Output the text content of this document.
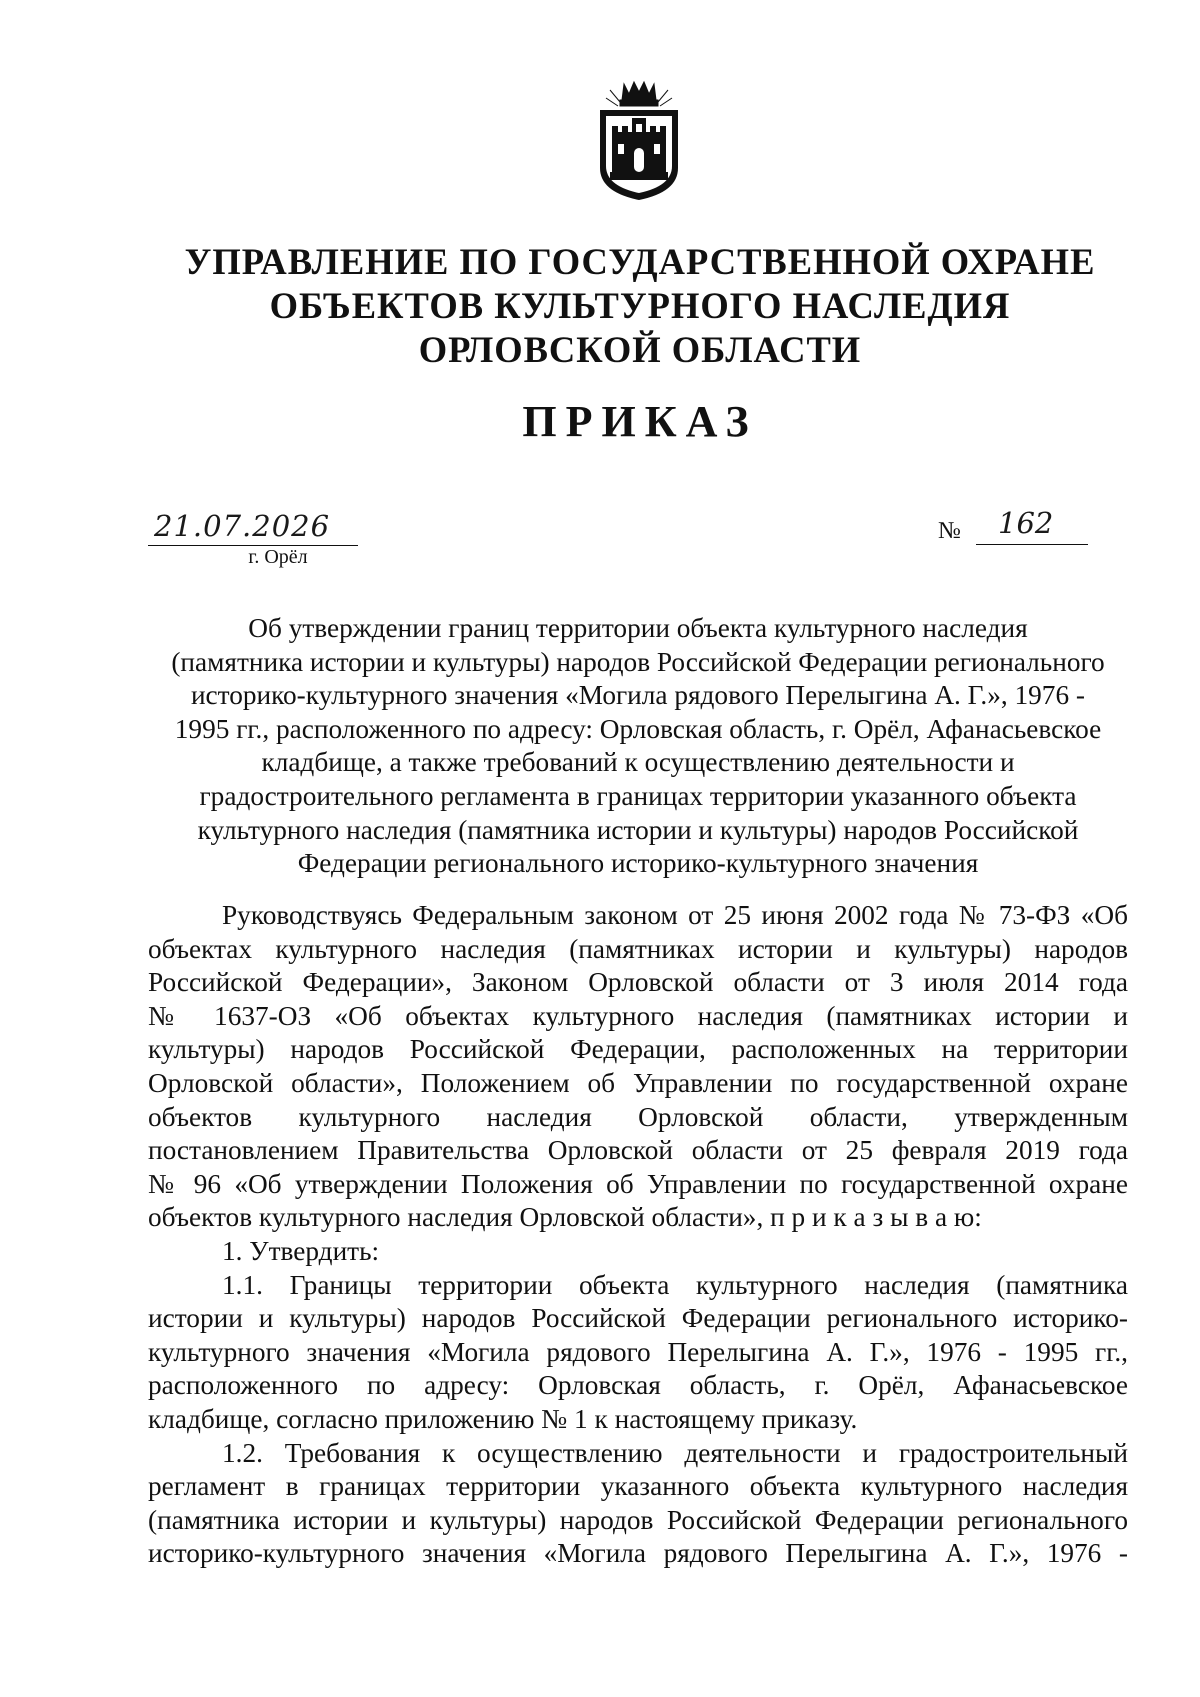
УПРАВЛЕНИЕ ПО ГОСУДАРСТВЕННОЙ ОХРАНЕ
ОБЪЕКТОВ КУЛЬТУРНОГО НАСЛЕДИЯ
ОРЛОВСКОЙ ОБЛАСТИ
ПРИКАЗ
21.07.2026
г. Орёл
№ 162
Об утверждении границ территории объекта культурного наследия
(памятника истории и культуры) народов Российской Федерации регионального
историко-культурного значения «Могила рядового Перелыгина А. Г.», 1976 -
1995 гг., расположенного по адресу: Орловская область, г. Орёл, Афанасьевское
кладбище, а также требований к осуществлению деятельности и
градостроительного регламента в границах территории указанного объекта
культурного наследия (памятника истории и культуры) народов Российской
Федерации регионального историко-культурного значения
Руководствуясь Федеральным законом от 25 июня 2002 года № 73-ФЗ «Об
объектах культурного наследия (памятниках истории и культуры) народов
Российской Федерации», Законом Орловской области от 3 июля 2014 года
№ 1637-ОЗ «Об объектах культурного наследия (памятниках истории и
культуры) народов Российской Федерации, расположенных на территории
Орловской области», Положением об Управлении по государственной охране
объектов культурного наследия Орловской области, утвержденным
постановлением Правительства Орловской области от 25 февраля 2019 года
№ 96 «Об утверждении Положения об Управлении по государственной охране
объектов культурного наследия Орловской области», п р и к а з ы в а ю:
1. Утвердить:
1.1. Границы территории объекта культурного наследия (памятника
истории и культуры) народов Российской Федерации регионального историко-
культурного значения «Могила рядового Перелыгина А. Г.», 1976 - 1995 гг.,
расположенного по адресу: Орловская область, г. Орёл, Афанасьевское
кладбище, согласно приложению № 1 к настоящему приказу.
1.2. Требования к осуществлению деятельности и градостроительный
регламент в границах территории указанного объекта культурного наследия
(памятника истории и культуры) народов Российской Федерации регионального
историко-культурного значения «Могила рядового Перелыгина А. Г.», 1976 -
